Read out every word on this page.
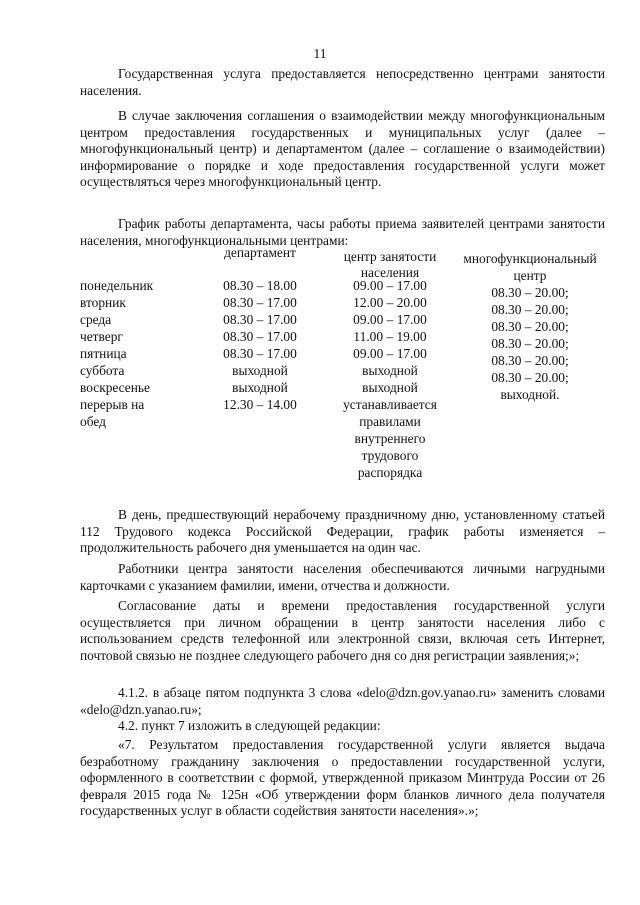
11

Государственная услуга предоставляется непосредственно центрами занятости населения.

В случае заключения соглашения о взаимодействии между многофункциональным центром предоставления государственных и муниципальных услуг (далее – многофункциональный центр) и департаментом (далее – соглашение о взаимодействии) информирование о порядке и ходе предоставления государственной услуги может осуществляться через многофункциональный центр.

График работы департамента, часы работы приема заявителей центрами занятости населения, многофункциональными центрами:

департамент	центр занятости
населения
многофункциональный
центр
понедельник
вторник
среда
четверг
пятница
суббота
воскресенье
перерыв на
обед
08.30 – 18.00
08.30 – 17.00
08.30 – 17.00
08.30 – 17.00
08.30 – 17.00
выходной
выходной
12.30 – 14.00
09.00 – 17.00
12.00 – 20.00
09.00 – 17.00
11.00 – 19.00
09.00 – 17.00
выходной
выходной
устанавливается
правилами
внутреннего
трудового
распорядка
08.30 – 20.00;
08.30 – 20.00;
08.30 – 20.00;
08.30 – 20.00;
08.30 – 20.00;
08.30 – 20.00;
выходной.

В день, предшествующий нерабочему праздничному дню, установленному статьей 112 Трудового кодекса Российской Федерации, график работы изменяется – продолжительность рабочего дня уменьшается на один час.

Работники центра занятости населения обеспечиваются личными нагрудными карточками с указанием фамилии, имени, отчества и должности.

Согласование даты и времени предоставления государственной услуги осуществляется при личном обращении в центр занятости населения либо с использованием средств телефонной или электронной связи, включая сеть Интернет, почтовой связью не позднее следующего рабочего дня со дня регистрации заявления;»;

4.1.2. в абзаце пятом подпункта 3 слова «delo@dzn.gov.yanao.ru» заменить словами «delo@dzn.yanao.ru»;

4.2. пункт 7 изложить в следующей редакции:

«7. Результатом предоставления государственной услуги является выдача безработному гражданину заключения о предоставлении государственной услуги, оформленного в соответствии с формой, утвержденной приказом Минтруда России от 26 февраля 2015 года № 125н «Об утверждении форм бланков личного дела получателя государственных услуг в области содействия занятости населения».»;
